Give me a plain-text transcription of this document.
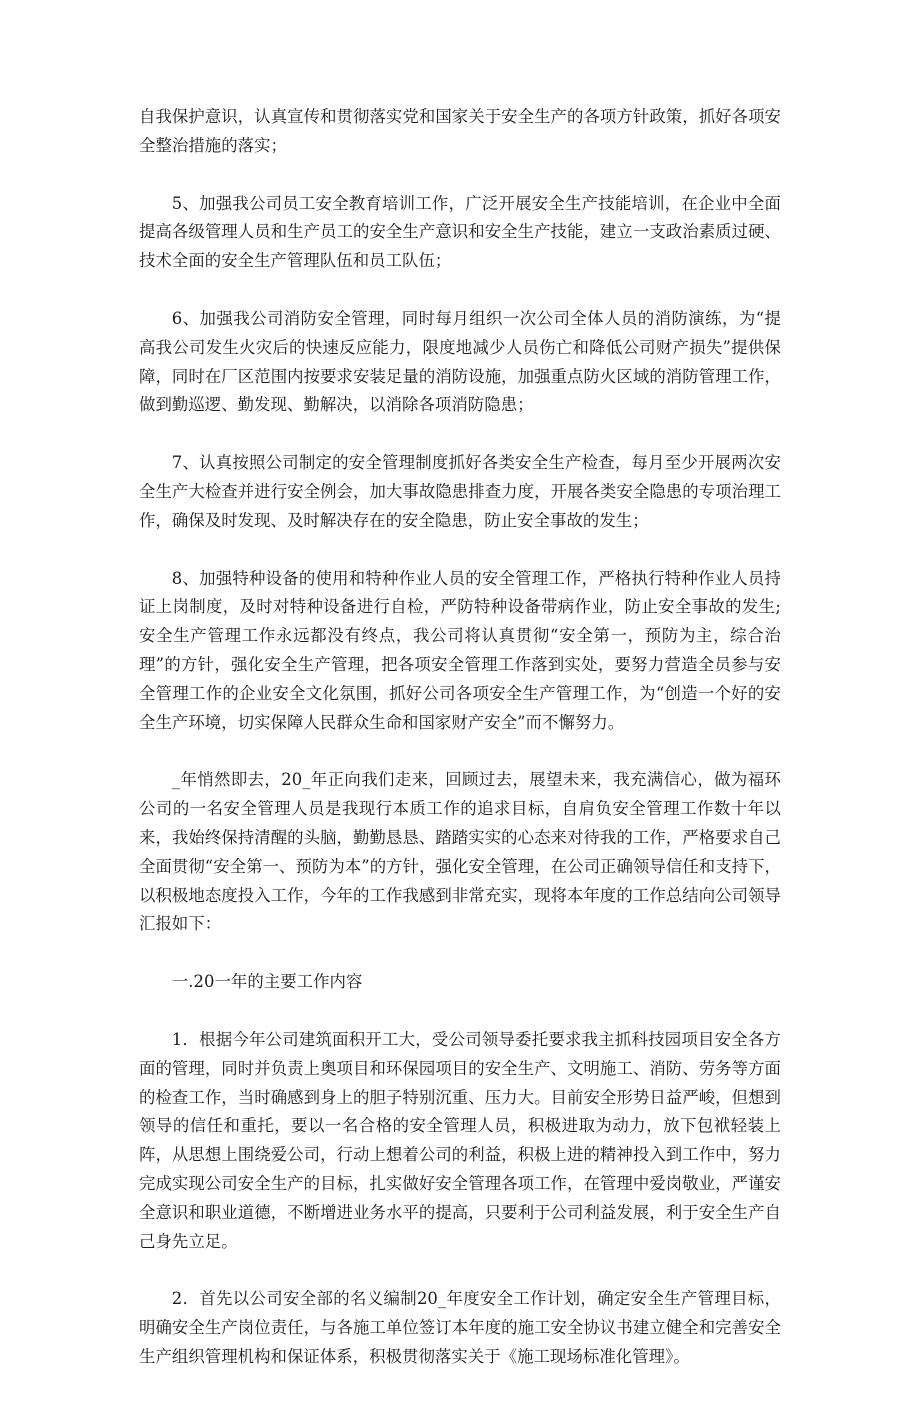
自我保护意识，认真宣传和贯彻落实党和国家关于安全生产的各项方针政策，抓好各项安全整治措施的落实；

5、加强我公司员工安全教育培训工作，广泛开展安全生产技能培训，在企业中全面提高各级管理人员和生产员工的安全生产意识和安全生产技能，建立一支政治素质过硬、技术全面的安全生产管理队伍和员工队伍；

6、加强我公司消防安全管理，同时每月组织一次公司全体人员的消防演练，为“提高我公司发生火灾后的快速反应能力，限度地减少人员伤亡和降低公司财产损失”提供保障，同时在厂区范围内按要求安装足量的消防设施，加强重点防火区域的消防管理工作，做到勤巡逻、勤发现、勤解决，以消除各项消防隐患；

7、认真按照公司制定的安全管理制度抓好各类安全生产检查，每月至少开展两次安全生产大检查并进行安全例会，加大事故隐患排查力度，开展各类安全隐患的专项治理工作，确保及时发现、及时解决存在的安全隐患，防止安全事故的发生；

8、加强特种设备的使用和特种作业人员的安全管理工作，严格执行特种作业人员持证上岗制度，及时对特种设备进行自检，严防特种设备带病作业，防止安全事故的发生;安全生产管理工作永远都没有终点，我公司将认真贯彻“安全第一，预防为主，综合治理”的方针，强化安全生产管理，把各项安全管理工作落到实处，要努力营造全员参与安全管理工作的企业安全文化氛围，抓好公司各项安全生产管理工作，为“创造一个好的安全生产环境，切实保障人民群众生命和国家财产安全”而不懈努力。

_年悄然即去，20_年正向我们走来，回顾过去，展望未来，我充满信心，做为福环公司的一名安全管理人员是我现行本质工作的追求目标，自肩负安全管理工作数十年以来，我始终保持清醒的头脑，勤勤恳恳、踏踏实实的心态来对待我的工作，严格要求自己全面贯彻“安全第一、预防为本”的方针，强化安全管理，在公司正确领导信任和支持下，以积极地态度投入工作，今年的工作我感到非常充实，现将本年度的工作总结向公司领导汇报如下：

一.20一年的主要工作内容

1．根据今年公司建筑面积开工大，受公司领导委托要求我主抓科技园项目安全各方面的管理，同时并负责上奥项目和环保园项目的安全生产、文明施工、消防、劳务等方面的检查工作，当时确感到身上的胆子特别沉重、压力大。目前安全形势日益严峻，但想到领导的信任和重托，要以一名合格的安全管理人员，积极进取为动力，放下包袱轻装上阵，从思想上围绕爱公司，行动上想着公司的利益，积极上进的精神投入到工作中，努力完成实现公司安全生产的目标，扎实做好安全管理各项工作，在管理中爱岗敬业，严谨安全意识和职业道德，不断增进业务水平的提高，只要利于公司利益发展，利于安全生产自己身先立足。

2．首先以公司安全部的名义编制20_年度安全工作计划，确定安全生产管理目标，明确安全生产岗位责任，与各施工单位签订本年度的施工安全协议书建立健全和完善安全生产组织管理机构和保证体系，积极贯彻落实关于《施工现场标准化管理》。
